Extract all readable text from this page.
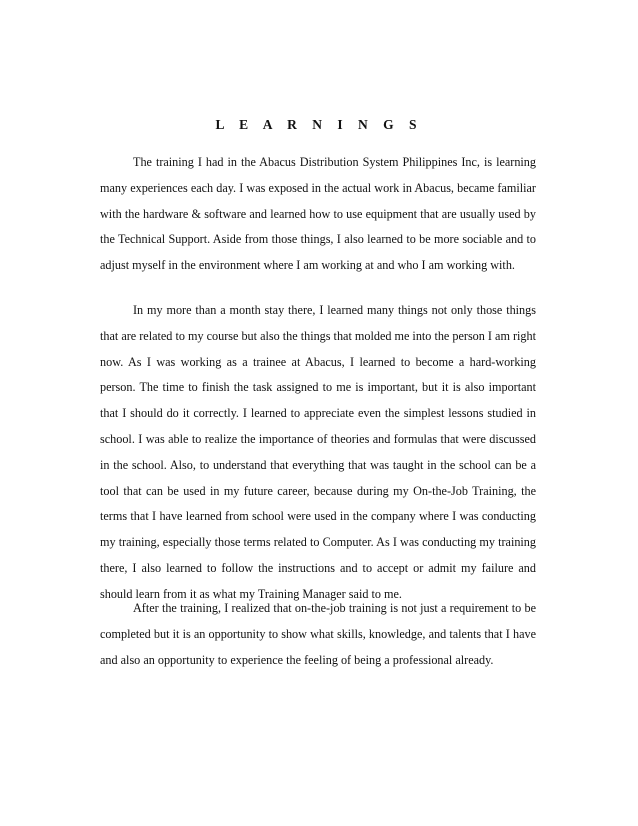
L E A R N I N G S

The training I had in the Abacus Distribution System Philippines Inc, is learning many experiences each day. I was exposed in the actual work in Abacus, became familiar with the hardware & software and learned how to use equipment that are usually used by the Technical Support. Aside from those things, I also learned to be more sociable and to adjust myself in the environment where I am working at and who I am working with.

In my more than a month stay there, I learned many things not only those things that are related to my course but also the things that molded me into the person I am right now. As I was working as a trainee at Abacus, I learned to become a hard-working person. The time to finish the task assigned to me is important, but it is also important that I should do it correctly. I learned to appreciate even the simplest lessons studied in school. I was able to realize the importance of theories and formulas that were discussed in the school. Also, to understand that everything that was taught in the school can be a tool that can be used in my future career, because during my On-the-Job Training, the terms that I have learned from school were used in the company where I was conducting my training, especially those terms related to Computer. As I was conducting my training there, I also learned to follow the instructions and to accept or admit my failure and should learn from it as what my Training Manager said to me.

After the training, I realized that on-the-job training is not just a requirement to be completed but it is an opportunity to show what skills, knowledge, and talents that I have and also an opportunity to experience the feeling of being a professional already.
